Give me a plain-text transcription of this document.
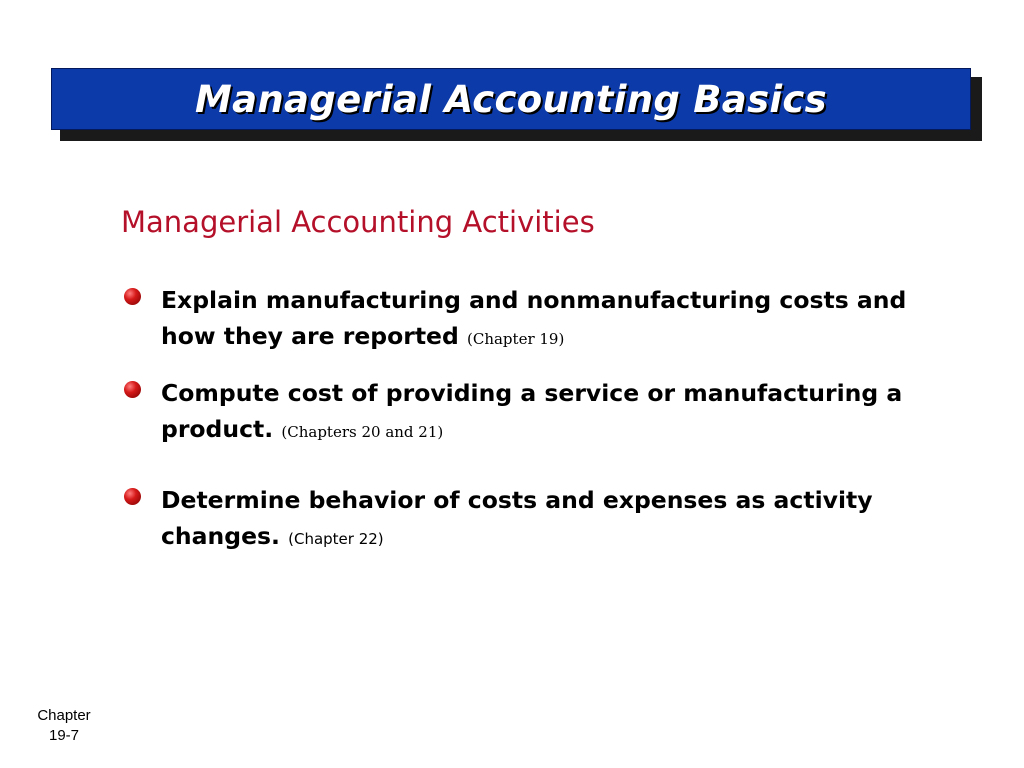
Managerial Accounting Basics
Managerial Accounting Activities
Explain manufacturing and nonmanufacturing costs and how they are reported (Chapter 19)
Compute cost of providing a service or manufacturing a product. (Chapters 20 and 21)
Determine behavior of costs and expenses as activity changes. (Chapter 22)
Chapter
19-7
